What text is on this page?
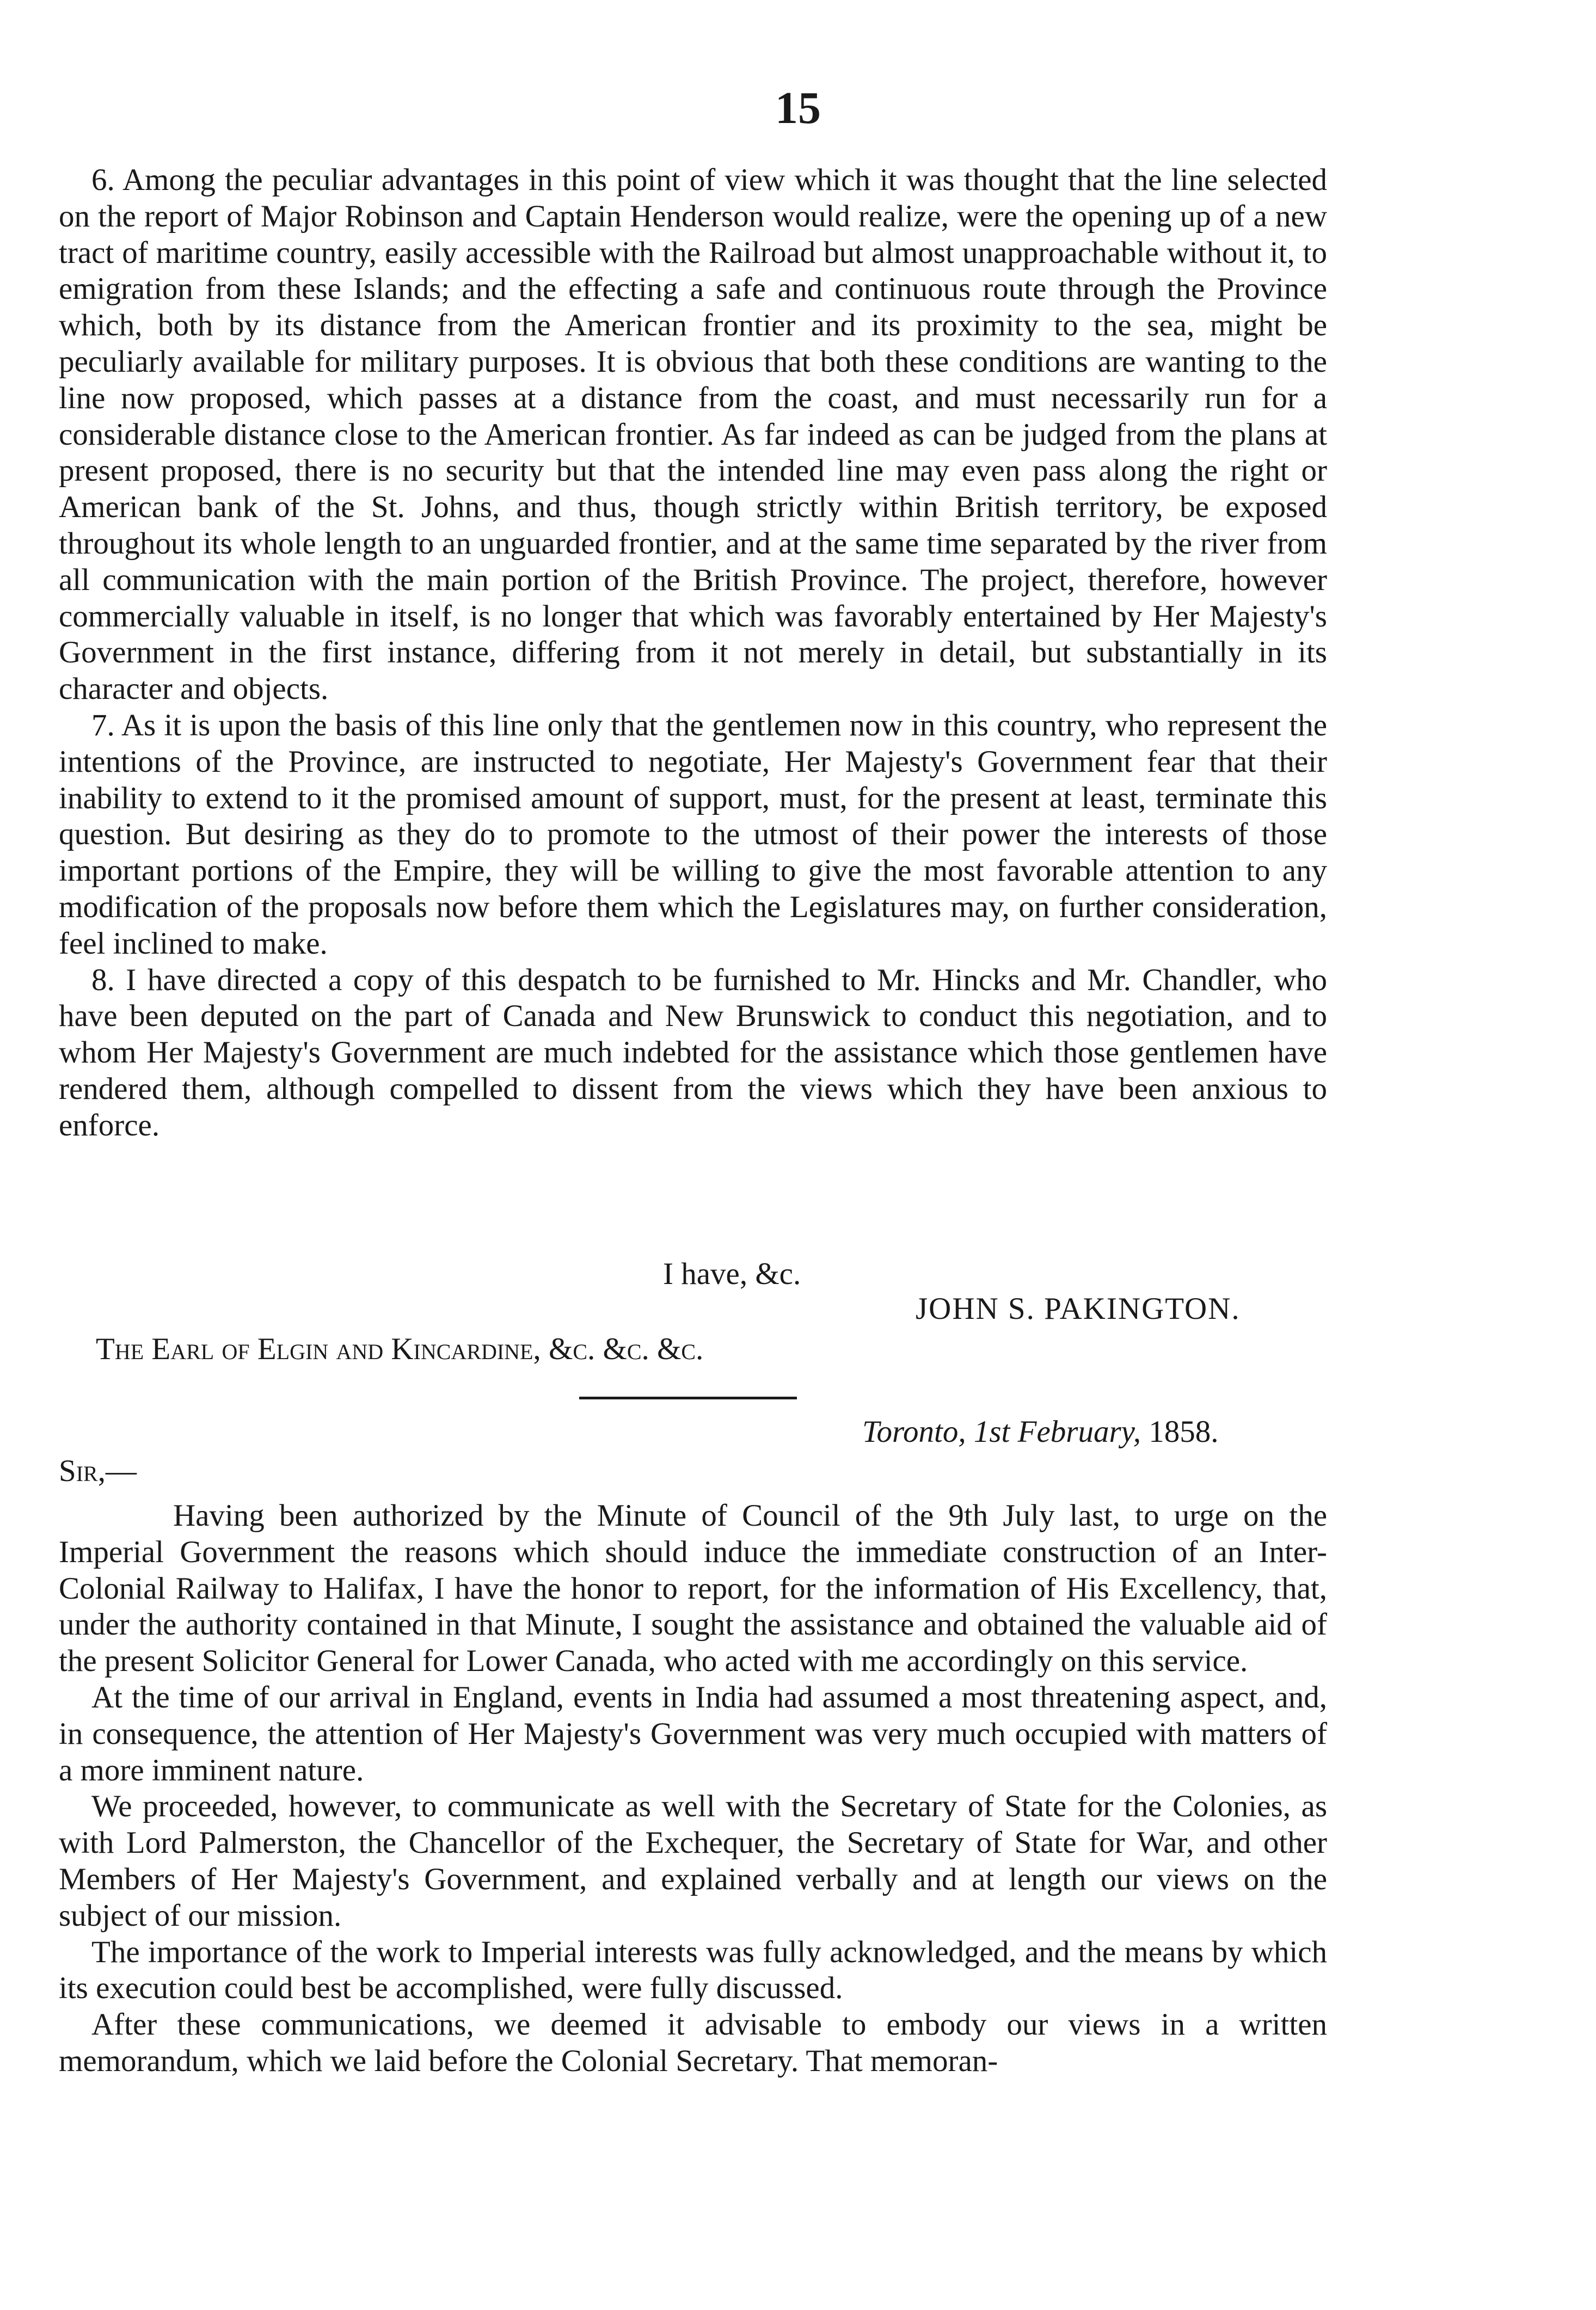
15

6. Among the peculiar advantages in this point of view which it was thought that the line selected on the report of Major Robinson and Captain Henderson would realize, were the opening up of a new tract of maritime country, easily accessible with the Railroad but almost unapproachable without it, to emigration from these Islands; and the effecting a safe and continuous route through the Province which, both by its distance from the American frontier and its proximity to the sea, might be peculiarly available for military purposes. It is obvious that both these conditions are wanting to the line now proposed, which passes at a distance from the coast, and must necessarily run for a considerable distance close to the American frontier. As far indeed as can be judged from the plans at present proposed, there is no security but that the intended line may even pass along the right or American bank of the St. Johns, and thus, though strictly within British territory, be exposed throughout its whole length to an unguarded frontier, and at the same time separated by the river from all communication with the main portion of the British Province. The project, therefore, however commercially valuable in itself, is no longer that which was favorably entertained by Her Majesty's Government in the first instance, differing from it not merely in detail, but substantially in its character and objects.

7. As it is upon the basis of this line only that the gentlemen now in this country, who represent the intentions of the Province, are instructed to negotiate, Her Majesty's Government fear that their inability to extend to it the promised amount of support, must, for the present at least, terminate this question. But desiring as they do to promote to the utmost of their power the interests of those important portions of the Empire, they will be willing to give the most favorable attention to any modification of the proposals now before them which the Legislatures may, on further consideration, feel inclined to make.

8. I have directed a copy of this despatch to be furnished to Mr. Hincks and Mr. Chandler, who have been deputed on the part of Canada and New Brunswick to conduct this negotiation, and to whom Her Majesty's Government are much indebted for the assistance which those gentlemen have rendered them, although compelled to dissent from the views which they have been anxious to enforce.

I have, &c.
JOHN S. PAKINGTON.
The Earl of Elgin and Kincardine, &c. &c. &c.
Toronto, 1st February, 1858.
Sir,—

Having been authorized by the Minute of Council of the 9th July last, to urge on the Imperial Government the reasons which should induce the immediate construction of an Inter-Colonial Railway to Halifax, I have the honor to report, for the information of His Excellency, that, under the authority contained in that Minute, I sought the assistance and obtained the valuable aid of the present Solicitor General for Lower Canada, who acted with me accordingly on this service.

At the time of our arrival in England, events in India had assumed a most threatening aspect, and, in consequence, the attention of Her Majesty's Government was very much occupied with matters of a more imminent nature.

We proceeded, however, to communicate as well with the Secretary of State for the Colonies, as with Lord Palmerston, the Chancellor of the Exchequer, the Secretary of State for War, and other Members of Her Majesty's Government, and explained verbally and at length our views on the subject of our mission.

The importance of the work to Imperial interests was fully acknowledged, and the means by which its execution could best be accomplished, were fully discussed.

After these communications, we deemed it advisable to embody our views in a written memorandum, which we laid before the Colonial Secretary. That memoran-
